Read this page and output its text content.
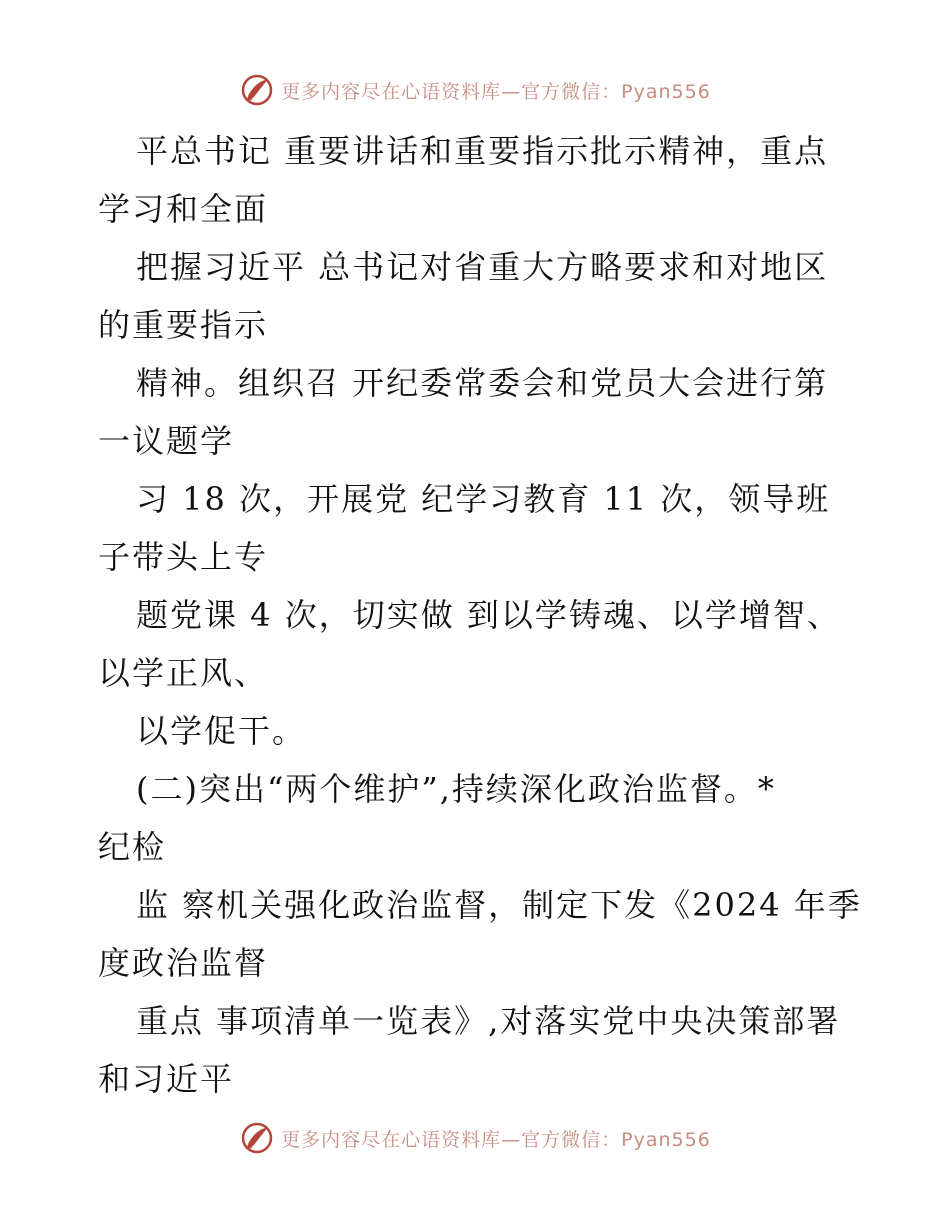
更多内容尽在心语资料库—官方微信：Pyan556
平总书记 重要讲话和重要指示批示精神，重点
学习和全面
把握习近平 总书记对省重大方略要求和对地区
的重要指示
精神。组织召 开纪委常委会和党员大会进行第
一议题学
习 18 次，开展党 纪学习教育 11 次，领导班
子带头上专
题党课 4 次，切实做 到以学铸魂、以学增智、
以学正风、
以学促干。
(二)突出“两个维护”,持续深化政治监督。*
纪检
监 察机关强化政治监督，制定下发《2024 年季
度政治监督
重点 事项清单一览表》,对落实党中央决策部署
和习近平
更多内容尽在心语资料库—官方微信：Pyan556
